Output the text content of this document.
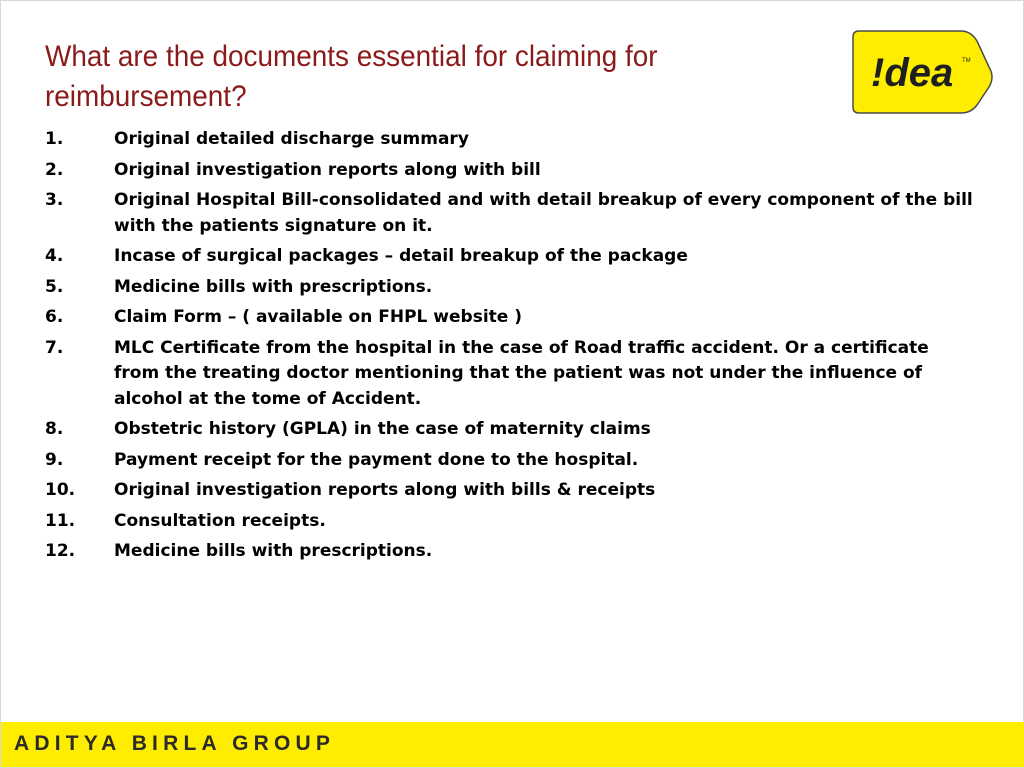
What are the documents essential for claiming for reimbursement?
!dea TM
1.	Original detailed discharge summary
2.	Original investigation reports along with bill
3.	Original Hospital Bill-consolidated and with detail breakup of every component of the bill with the patients signature on it.
4.	Incase of surgical packages – detail breakup of the package
5.	Medicine bills with prescriptions.
6.	Claim Form – ( available on FHPL website )
7.	MLC Certificate from the hospital in the case of Road traffic accident. Or a certificate from the treating doctor mentioning that the patient was not under the influence of alcohol at the tome of Accident.
8.	Obstetric history (GPLA) in the case of maternity claims
9.	Payment receipt for the payment done to the hospital.
10.	Original investigation reports along with bills & receipts
11.	Consultation receipts.
12.	Medicine bills with prescriptions.
ADITYA BIRLA GROUP
